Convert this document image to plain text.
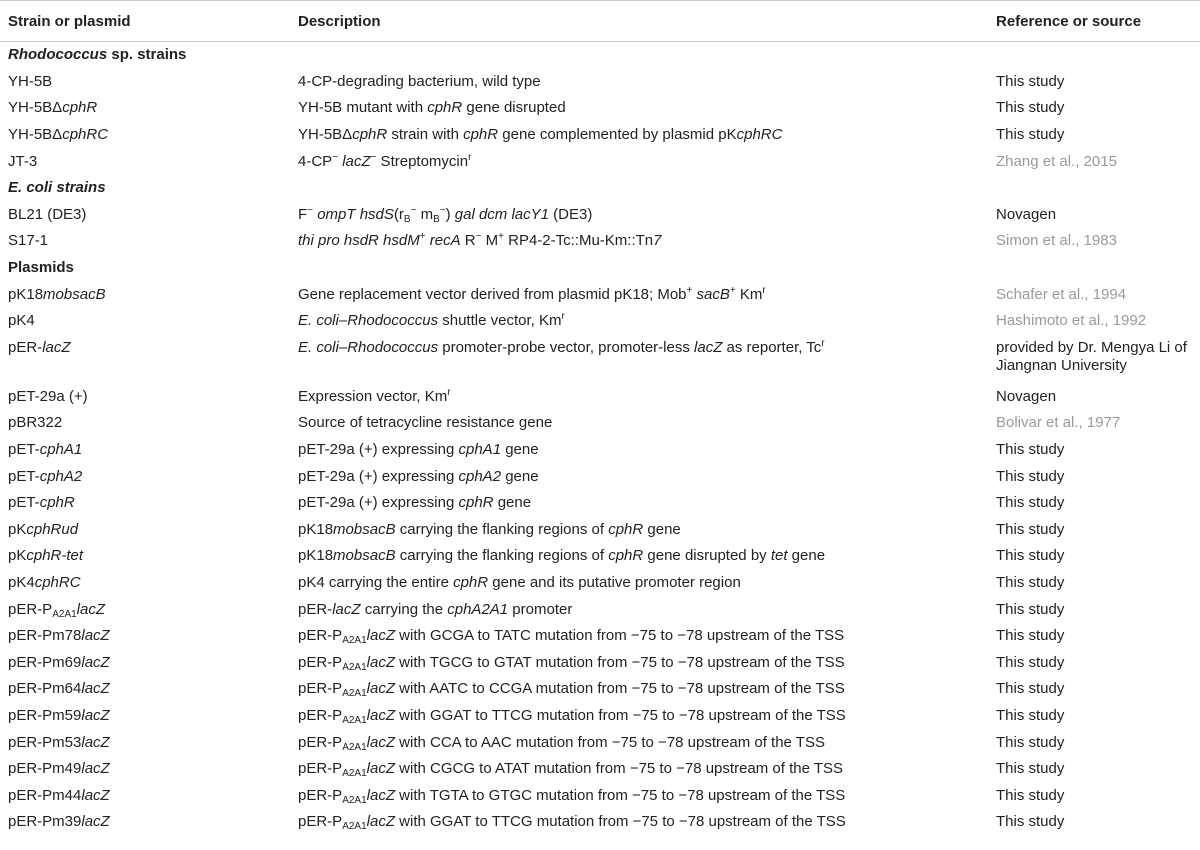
Strain or plasmid	Description	Reference or source
Rhodococcus sp. strains		
YH-5B	4-CP-degrading bacterium, wild type	This study
YH-5BΔcphR	YH-5B mutant with cphR gene disrupted	This study
YH-5BΔcphRC	YH-5BΔcphR strain with cphR gene complemented by plasmid pKcphRC	This study
JT-3	4-CP− lacZ− Streptomycin$^r$	Zhang et al., 2015
E. coli strains		
BL21 (DE3)	F− ompT $hsdS(r_B^-$ $m_B^-$) gal dcm lacY1 (DE3)	Novagen
S17-1	thi pro hsdR hsdM+ recA R− M+ RP4-2-Tc::Mu-Km::Tn7	Simon et al., 1983
Plasmids		
pK18mobsacB	Gene replacement vector derived from plasmid pK18; Mob+ sacB+ Km$^r$	Schafer et al., 1994
pK4	E. coli–Rhodococcus shuttle vector, Km$^r$	Hashimoto et al., 1992
pER-lacZ	E. coli–Rhodococcus promoter-probe vector, promoter-less lacZ as reporter, Tc$^r$	provided by Dr. Mengya Li of Jiangnan University
pET-29a (+)	Expression vector, Km$^r$	Novagen
pBR322	Source of tetracycline resistance gene	Bolivar et al., 1977
pET-cphA1	pET-29a (+) expressing cphA1 gene	This study
pET-cphA2	pET-29a (+) expressing cphA2 gene	This study
pET-cphR	pET-29a (+) expressing cphR gene	This study
pKcphRud	pK18mobsacB carrying the flanking regions of cphR gene	This study
pKcphR-tet	pK18mobsacB carrying the flanking regions of cphR gene disrupted by tet gene	This study
pK4cphRC	pK4 carrying the entire cphR gene and its putative promoter region	This study
pER-$P_{A2A1}lacZ$	pER-lacZ carrying the cphA2A1 promoter	This study
pER-Pm78lacZ	pER-$P_{A2A1}lacZ$ with GCGA to TATC mutation from −75 to −78 upstream of the TSS	This study
pER-Pm69lacZ	pER-$P_{A2A1}lacZ$ with TGCG to GTAT mutation from −75 to −78 upstream of the TSS	This study
pER-Pm64lacZ	pER-$P_{A2A1}lacZ$ with AATC to CCGA mutation from −75 to −78 upstream of the TSS	This study
pER-Pm59lacZ	pER-$P_{A2A1}lacZ$ with GGAT to TTCG mutation from −75 to −78 upstream of the TSS	This study
pER-Pm53lacZ	pER-$P_{A2A1}lacZ$ with CCA to AAC mutation from −75 to −78 upstream of the TSS	This study
pER-Pm49lacZ	pER-$P_{A2A1}lacZ$ with CGCG to ATAT mutation from −75 to −78 upstream of the TSS	This study
pER-Pm44lacZ	pER-$P_{A2A1}lacZ$ with TGTA to GTGC mutation from −75 to −78 upstream of the TSS	This study
pER-Pm39lacZ	pER-$P_{A2A1}lacZ$ with GGAT to TTCG mutation from −75 to −78 upstream of the TSS	This study
